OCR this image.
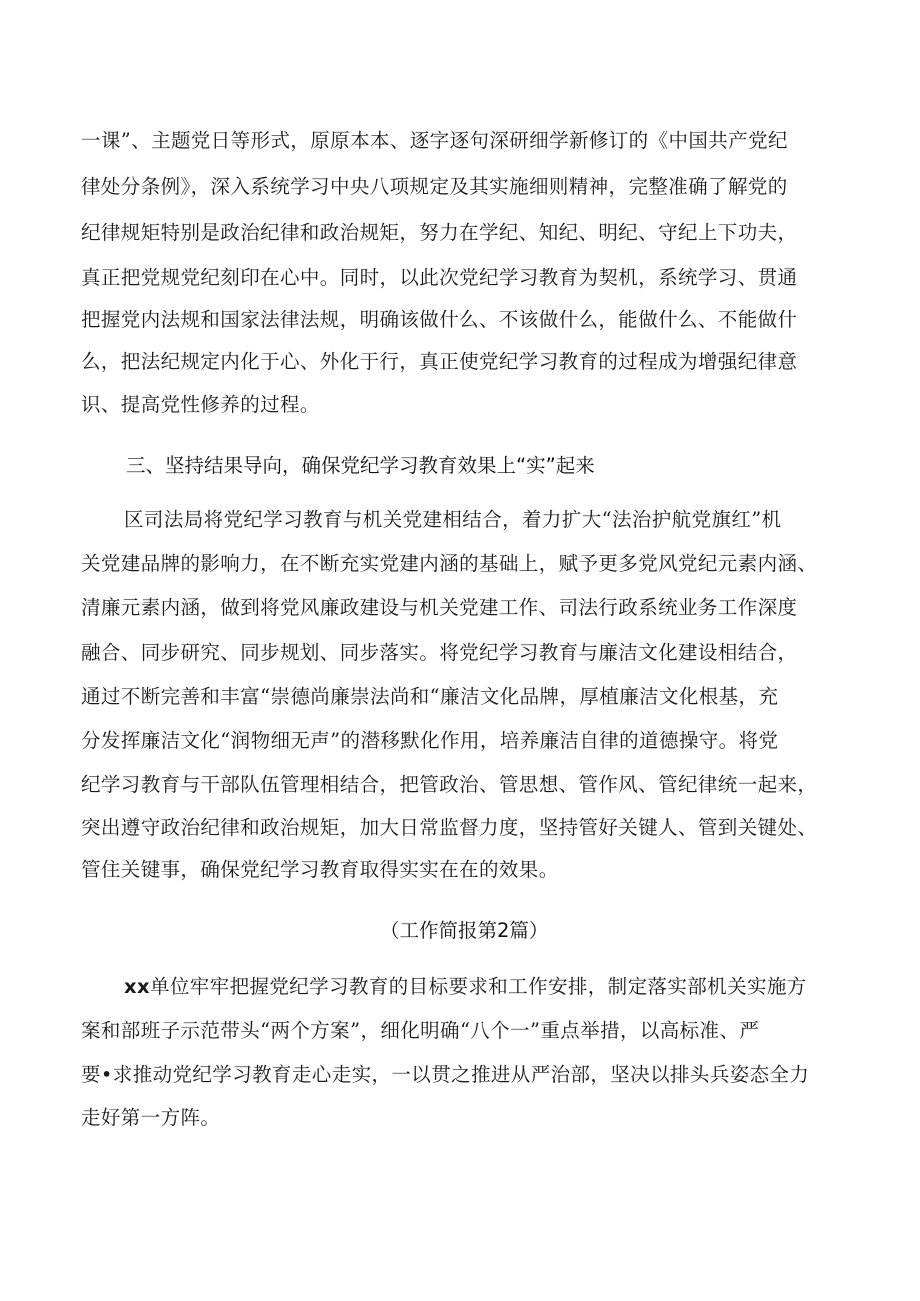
一课”、主题党日等形式，原原本本、逐字逐句深研细学新修订的《中国共产党纪
律处分条例》，深入系统学习中央八项规定及其实施细则精神，完整准确了解党的
纪律规矩特别是政治纪律和政治规矩，努力在学纪、知纪、明纪、守纪上下功夫，
真正把党规党纪刻印在心中。同时，以此次党纪学习教育为契机，系统学习、贯通
把握党内法规和国家法律法规，明确该做什么、不该做什么，能做什么、不能做什
么，把法纪规定内化于心、外化于行，真正使党纪学习教育的过程成为增强纪律意
识、提高党性修养的过程。
三、坚持结果导向，确保党纪学习教育效果上“实”起来
区司法局将党纪学习教育与机关党建相结合，着力扩大“法治护航党旗红”机
关党建品牌的影响力，在不断充实党建内涵的基础上，赋予更多党风党纪元素内涵、
清廉元素内涵，做到将党风廉政建设与机关党建工作、司法行政系统业务工作深度
融合、同步研究、同步规划、同步落实。将党纪学习教育与廉洁文化建设相结合，
通过不断完善和丰富“崇德尚廉崇法尚和“廉洁文化品牌，厚植廉洁文化根基，充
分发挥廉洁文化“润物细无声”的潜移默化作用，培养廉洁自律的道德操守。将党
纪学习教育与干部队伍管理相结合，把管政治、管思想、管作风、管纪律统一起来，
突出遵守政治纪律和政治规矩，加大日常监督力度，坚持管好关键人、管到关键处、
管住关键事，确保党纪学习教育取得实实在在的效果。
（工作简报第2篇）
xx单位牢牢把握党纪学习教育的目标要求和工作安排，制定落实部机关实施方
案和部班子示范带头“两个方案”，细化明确“八个一”重点举措，以高标准、严
要•求推动党纪学习教育走心走实，一以贯之推进从严治部，坚决以排头兵姿态全力
走好第一方阵。
